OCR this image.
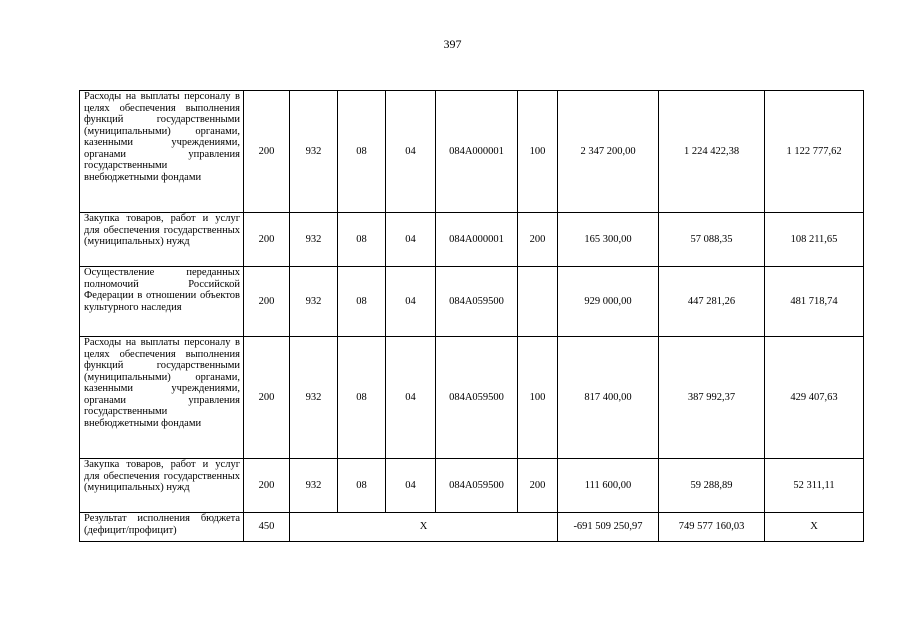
397
Расходы на выплаты персоналу в целях обеспечения выполнения функций государственными (муниципальными) органами, казенными учреждениями, органами управления государственными внебюджетными фондами	200	932	08	04	084А000001	100	2 347 200,00	1 224 422,38	1 122 777,62
Закупка товаров, работ и услуг для обеспечения государственных (муниципальных) нужд	200	932	08	04	084А000001	200	165 300,00	57 088,35	108 211,65
Осуществление переданных полномочий Российской Федерации в отношении объектов культурного наследия	200	932	08	04	084А059500		929 000,00	447 281,26	481 718,74
Расходы на выплаты персоналу в целях обеспечения выполнения функций государственными (муниципальными) органами, казенными учреждениями, органами управления государственными внебюджетными фондами	200	932	08	04	084А059500	100	817 400,00	387 992,37	429 407,63
Закупка товаров, работ и услуг для обеспечения государственных (муниципальных) нужд	200	932	08	04	084А059500	200	111 600,00	59 288,89	52 311,11
Результат исполнения бюджета (дефицит/профицит)	450	X					-691 509 250,97	749 577 160,03	X
